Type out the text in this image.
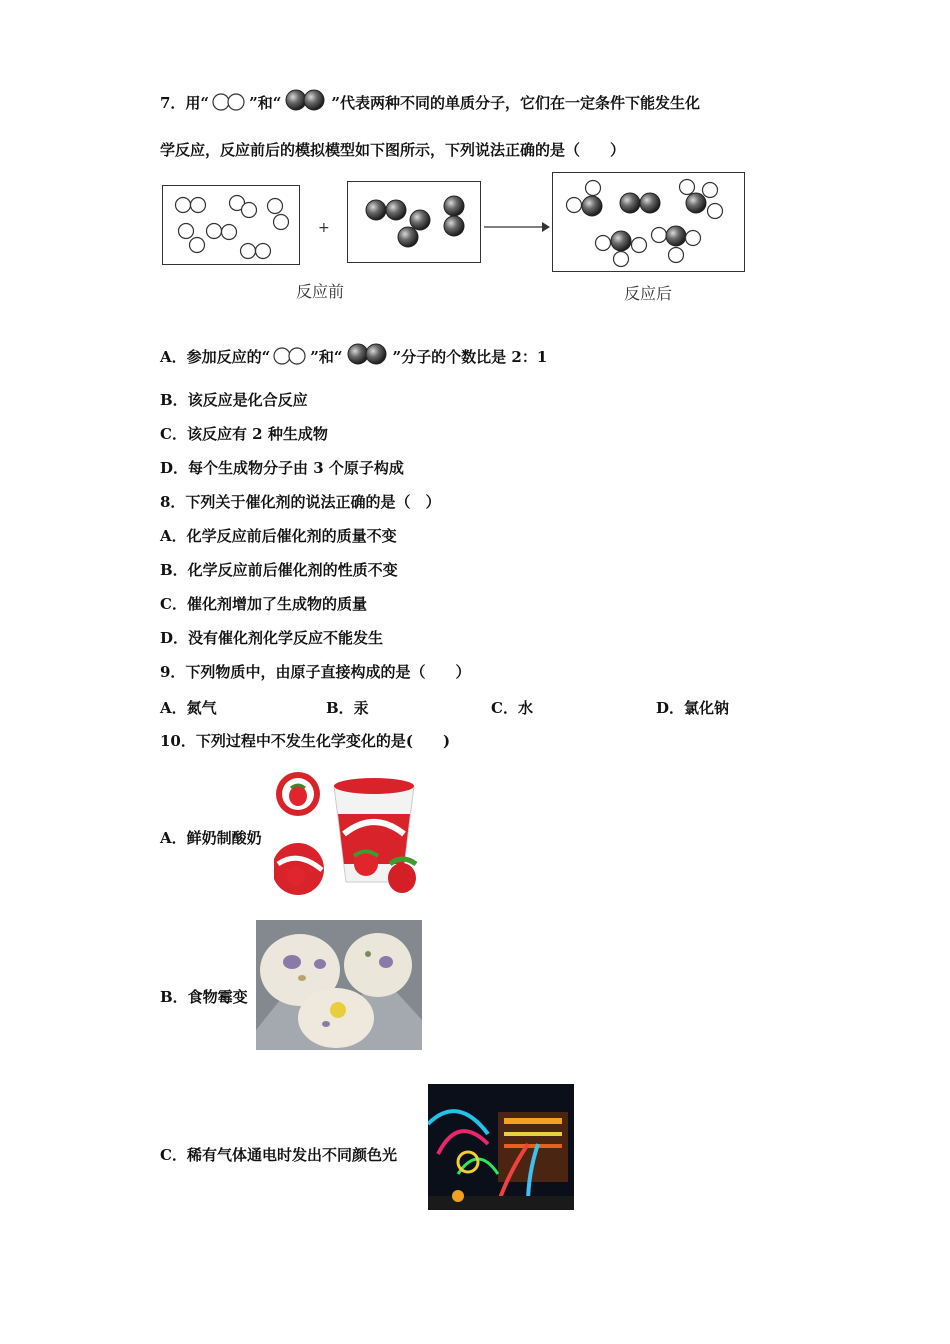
7．用“	”和“	”代表两种不同的单质分子，它们在一定条件下能发生化
学反应，反应前后的模拟模型如下图所示，下列说法正确的是（　　）
+
反应前	反应后
A．参加反应的“	”和“	”分子的个数比是 2：1
B．该反应是化合反应
C．该反应有 2 种生成物
D．每个生成物分子由 3 个原子构成
8．下列关于催化剂的说法正确的是（　）
A．化学反应前后催化剂的质量不变
B．化学反应前后催化剂的性质不变
C．催化剂增加了生成物的质量
D．没有催化剂化学反应不能发生
9．下列物质中，由原子直接构成的是（　　）
A．氮气	B．汞	C．水	D．氯化钠
10．下列过程中不发生化学变化的是(　　)
A．鲜奶制酸奶
B．食物霉变
C．稀有气体通电时发出不同颜色光
